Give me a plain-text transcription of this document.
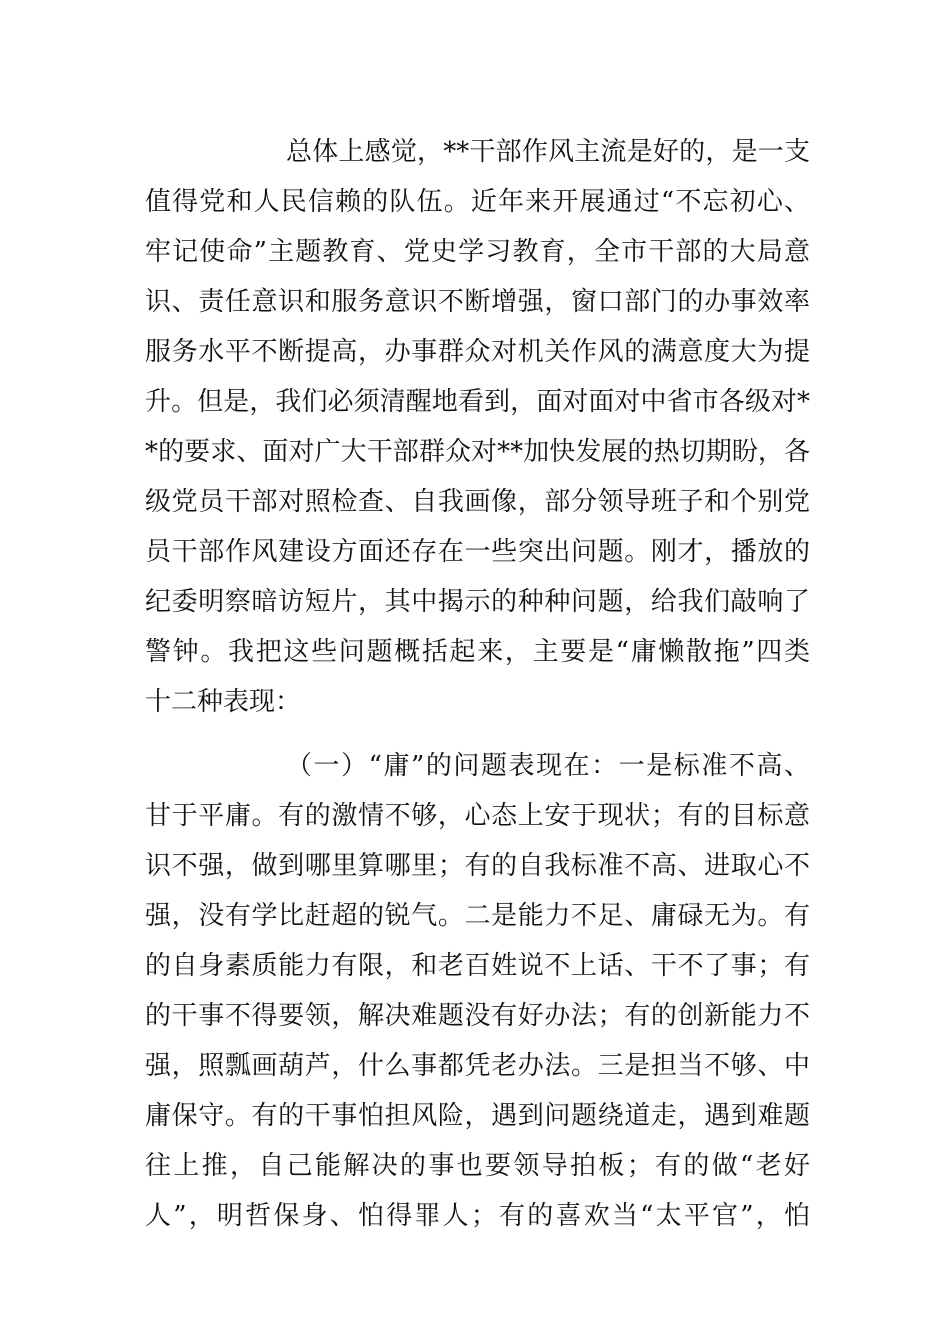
总体上感觉，**干部作风主流是好的，是一支
值得党和人民信赖的队伍。近年来开展通过“不忘初心、
牢记使命”主题教育、党史学习教育，全市干部的大局意
识、责任意识和服务意识不断增强，窗口部门的办事效率
服务水平不断提高，办事群众对机关作风的满意度大为提
升。但是，我们必须清醒地看到，面对面对中省市各级对*
*的要求、面对广大干部群众对**加快发展的热切期盼，各
级党员干部对照检查、自我画像，部分领导班子和个别党
员干部作风建设方面还存在一些突出问题。刚才，播放的
纪委明察暗访短片，其中揭示的种种问题，给我们敲响了
警钟。我把这些问题概括起来，主要是“庸懒散拖”四类
十二种表现：
（一）“庸”的问题表现在：一是标准不高、
甘于平庸。有的激情不够，心态上安于现状；有的目标意
识不强，做到哪里算哪里；有的自我标准不高、进取心不
强，没有学比赶超的锐气。二是能力不足、庸碌无为。有
的自身素质能力有限，和老百姓说不上话、干不了事；有
的干事不得要领，解决难题没有好办法；有的创新能力不
强，照瓢画葫芦，什么事都凭老办法。三是担当不够、中
庸保守。有的干事怕担风险，遇到问题绕道走，遇到难题
往上推，自己能解决的事也要领导拍板；有的做“老好
人”，明哲保身、怕得罪人；有的喜欢当“太平官”，怕
